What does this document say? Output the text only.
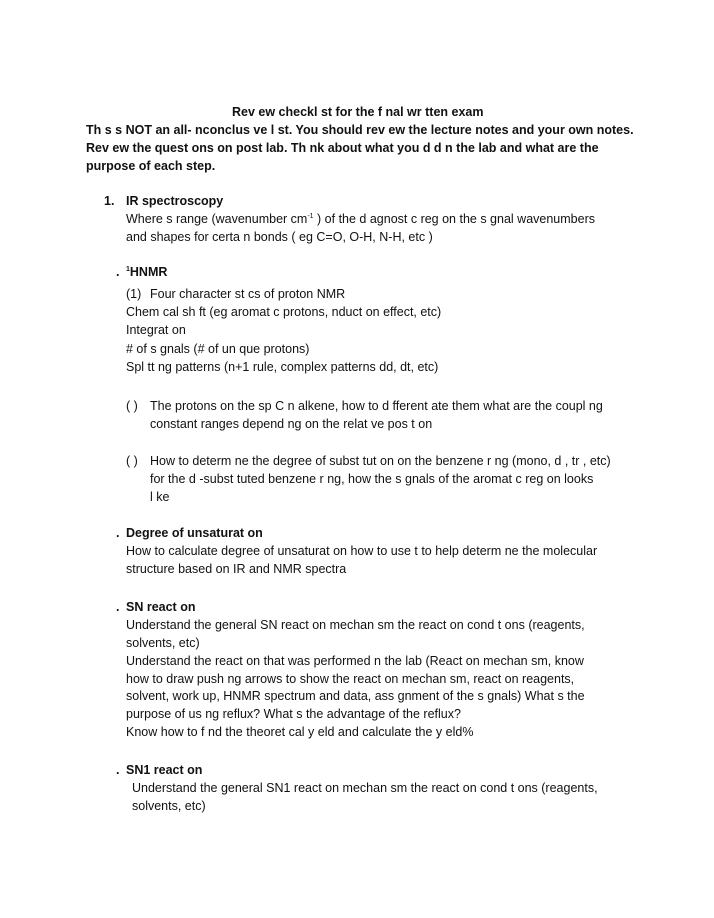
Rev ew checkl st for the f nal wr tten exam
Th s s NOT an all- nconclus ve l st. You should rev ew the lecture notes and your own notes.
Rev ew the quest ons on post lab. Th nk about what you d d n the lab and what are the
purpose of each step.
1. IR spectroscopy
Where s range (wavenumber $cm^{-1}$ ) of the d agnost c reg on the s gnal wavenumbers
and shapes for certa n bonds ( eg C=O, O-H, N-H, etc )
. $^1$HNMR
(1) Four character st cs of proton NMR
Chem cal sh ft (eg aromat c protons, nduct on effect, etc)
Integrat on
# of s gnals (# of un que protons)
Spl tt ng patterns (n+1 rule, complex patterns dd, dt, etc)
( ) The protons on the sp C n alkene, how to d fferent ate them what are the coupl ng
constant ranges depend ng on the relat ve pos t on
( ) How to determ ne the degree of subst tut on on the benzene r ng (mono, d , tr , etc)
for the d -subst tuted benzene r ng, how the s gnals of the aromat c reg on looks
l ke
. Degree of unsaturat on
How to calculate degree of unsaturat on how to use t to help determ ne the molecular
structure based on IR and NMR spectra
. SN react on
Understand the general SN react on mechan sm the react on cond t ons (reagents,
solvents, etc)
Understand the react on that was performed n the lab (React on mechan sm, know
how to draw push ng arrows to show the react on mechan sm, react on reagents,
solvent, work up, HNMR spectrum and data, ass gnment of the s gnals) What s the
purpose of us ng reflux? What s the advantage of the reflux?
Know how to f nd the theoret cal y eld and calculate the y eld%
. SN1 react on
Understand the general SN1 react on mechan sm the react on cond t ons (reagents,
solvents, etc)
